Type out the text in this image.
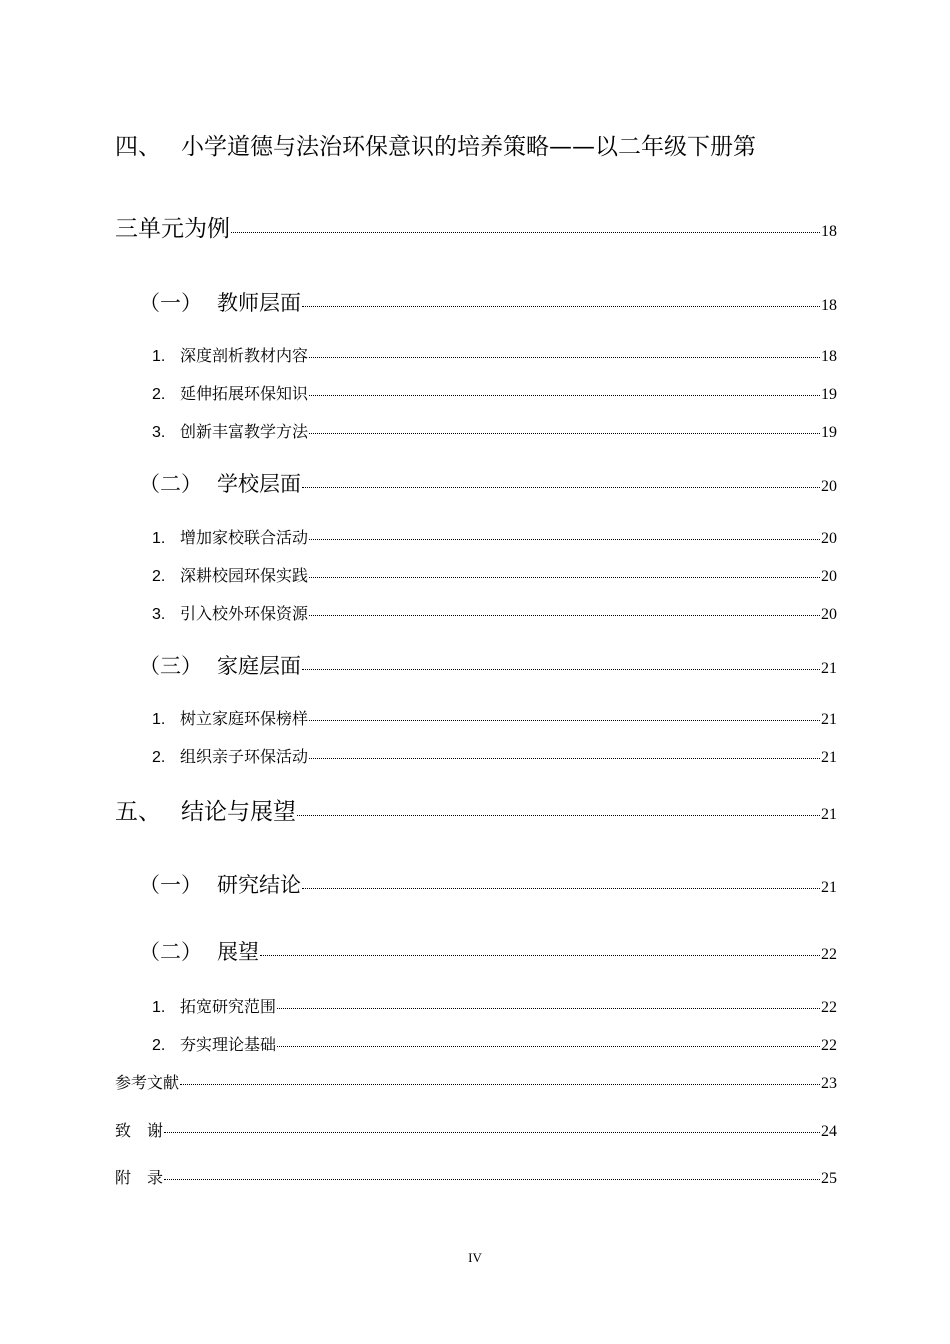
四、 小学道德与法治环保意识的培养策略——以二年级下册第
三单元为例	18
（一） 教师层面	18
1. 深度剖析教材内容	18
2. 延伸拓展环保知识	19
3. 创新丰富教学方法	19
（二） 学校层面	20
1. 增加家校联合活动	20
2. 深耕校园环保实践	20
3. 引入校外环保资源	20
（三） 家庭层面	21
1. 树立家庭环保榜样	21
2. 组织亲子环保活动	21
五、 结论与展望	21
（一） 研究结论	21
（二） 展望	22
1. 拓宽研究范围	22
2. 夯实理论基础	22
参考文献	23
致　谢	24
附　录	25
IV
